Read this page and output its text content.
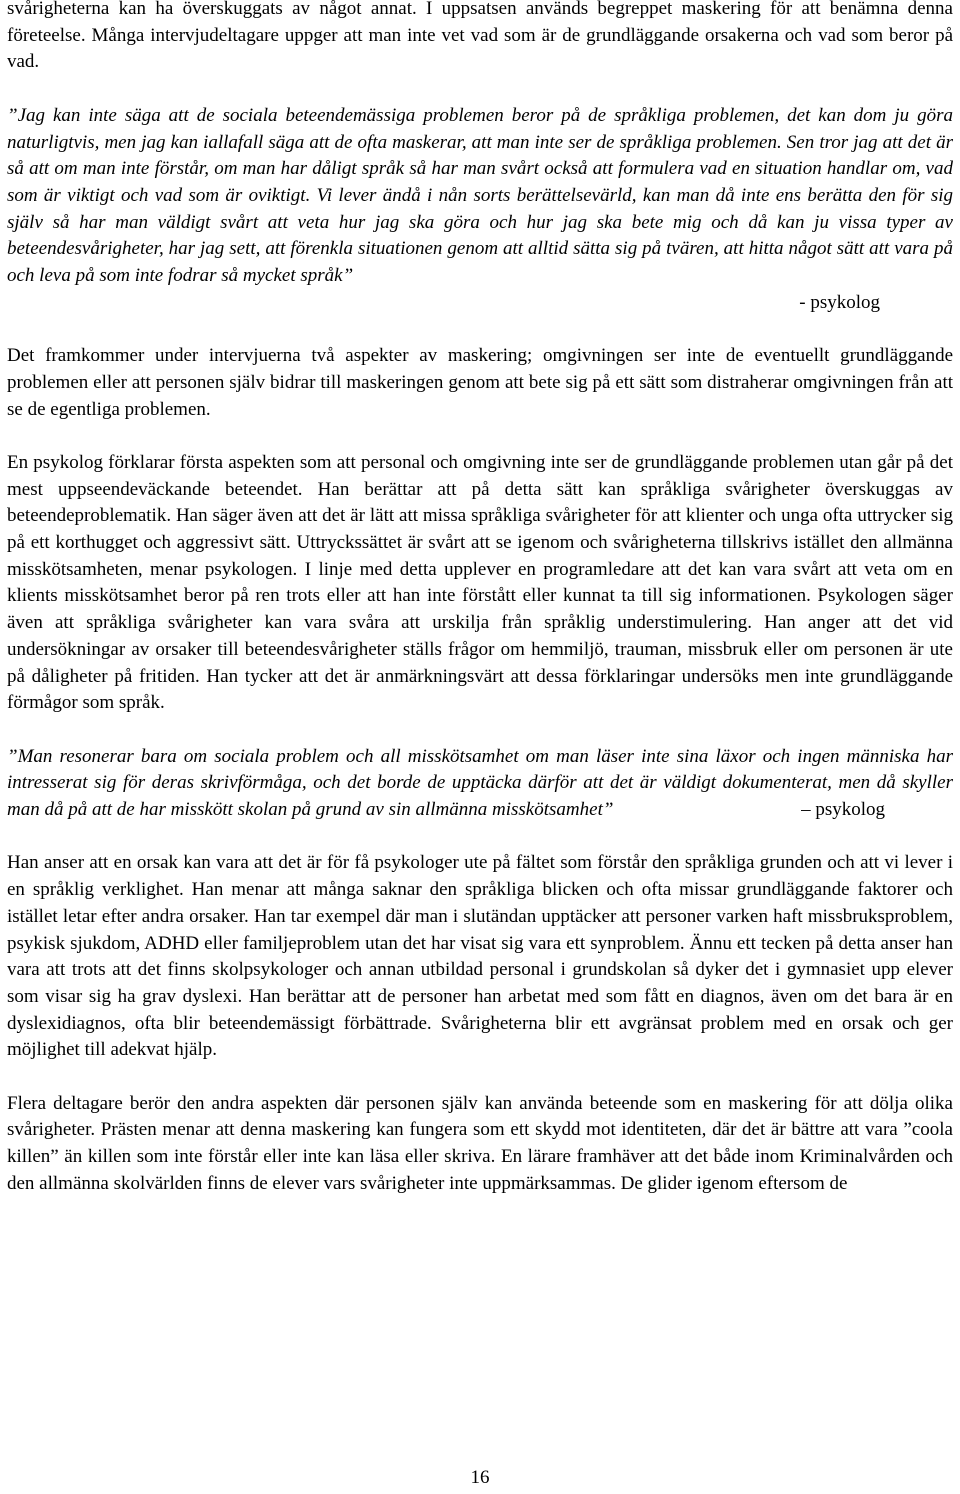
svårigheterna kan ha överskuggats av något annat. I uppsatsen används begreppet maskering för att benämna denna företeelse. Många intervjudeltagare uppger att man inte vet vad som är de grundläggande orsakerna och vad som beror på vad.

”Jag kan inte säga att de sociala beteendemässiga problemen beror på de språkliga problemen, det kan dom ju göra naturligtvis, men jag kan iallafall säga att de ofta maskerar, att man inte ser de språkliga problemen. Sen tror jag att det är så att om man inte förstår, om man har dåligt språk så har man svårt också att formulera vad en situation handlar om, vad som är viktigt och vad som är oviktigt. Vi lever ändå i nån sorts berättelsevärld, kan man då inte ens berätta den för sig själv så har man väldigt svårt att veta hur jag ska göra och hur jag ska bete mig och då kan ju vissa typer av beteendesvårigheter, har jag sett, att förenkla situationen genom att alltid sätta sig på tvären, att hitta något sätt att vara på och leva på som inte fodrar så mycket språk”

- psykolog

Det framkommer under intervjuerna två aspekter av maskering; omgivningen ser inte de eventuellt grundläggande problemen eller att personen själv bidrar till maskeringen genom att bete sig på ett sätt som distraherar omgivningen från att se de egentliga problemen.

En psykolog förklarar första aspekten som att personal och omgivning inte ser de grundläggande problemen utan går på det mest uppseendeväckande beteendet. Han berättar att på detta sätt kan språkliga svårigheter överskuggas av beteendeproblematik. Han säger även att det är lätt att missa språkliga svårigheter för att klienter och unga ofta uttrycker sig på ett korthugget och aggressivt sätt. Uttryckssättet är svårt att se igenom och svårigheterna tillskrivs istället den allmänna misskötsamheten, menar psykologen. I linje med detta upplever en programledare att det kan vara svårt att veta om en klients misskötsamhet beror på ren trots eller att han inte förstått eller kunnat ta till sig informationen. Psykologen säger även att språkliga svårigheter kan vara svåra att urskilja från språklig understimulering. Han anger att det vid undersökningar av orsaker till beteendesvårigheter ställs frågor om hemmiljö, trauman, missbruk eller om personen är ute på dåligheter på fritiden. Han tycker att det är anmärkningsvärt att dessa förklaringar undersöks men inte grundläggande förmågor som språk.

”Man resonerar bara om sociala problem och all misskötsamhet om man läser inte sina läxor och ingen människa har intresserat sig för deras skrivförmåga, och det borde de upptäcka därför att det är väldigt dokumenterat, men då skyller man då på att de har misskött skolan på grund av sin allmänna misskötsamhet”	– psykolog

Han anser att en orsak kan vara att det är för få psykologer ute på fältet som förstår den språkliga grunden och att vi lever i en språklig verklighet. Han menar att många saknar den språkliga blicken och ofta missar grundläggande faktorer och istället letar efter andra orsaker. Han tar exempel där man i slutändan upptäcker att personer varken haft missbruksproblem, psykisk sjukdom, ADHD eller familjeproblem utan det har visat sig vara ett synproblem. Ännu ett tecken på detta anser han vara att trots att det finns skolpsykologer och annan utbildad personal i grundskolan så dyker det i gymnasiet upp elever som visar sig ha grav dyslexi. Han berättar att de personer han arbetat med som fått en diagnos, även om det bara är en dyslexidiagnos, ofta blir beteendemässigt förbättrade. Svårigheterna blir ett avgränsat problem med en orsak och ger möjlighet till adekvat hjälp.

Flera deltagare berör den andra aspekten där personen själv kan använda beteende som en maskering för att dölja olika svårigheter. Prästen menar att denna maskering kan fungera som ett skydd mot identiteten, där det är bättre att vara ”coola killen” än killen som inte förstår eller inte kan läsa eller skriva. En lärare framhäver att det både inom Kriminalvården och den allmänna skolvärlden finns de elever vars svårigheter inte uppmärksammas. De glider igenom eftersom de

16
